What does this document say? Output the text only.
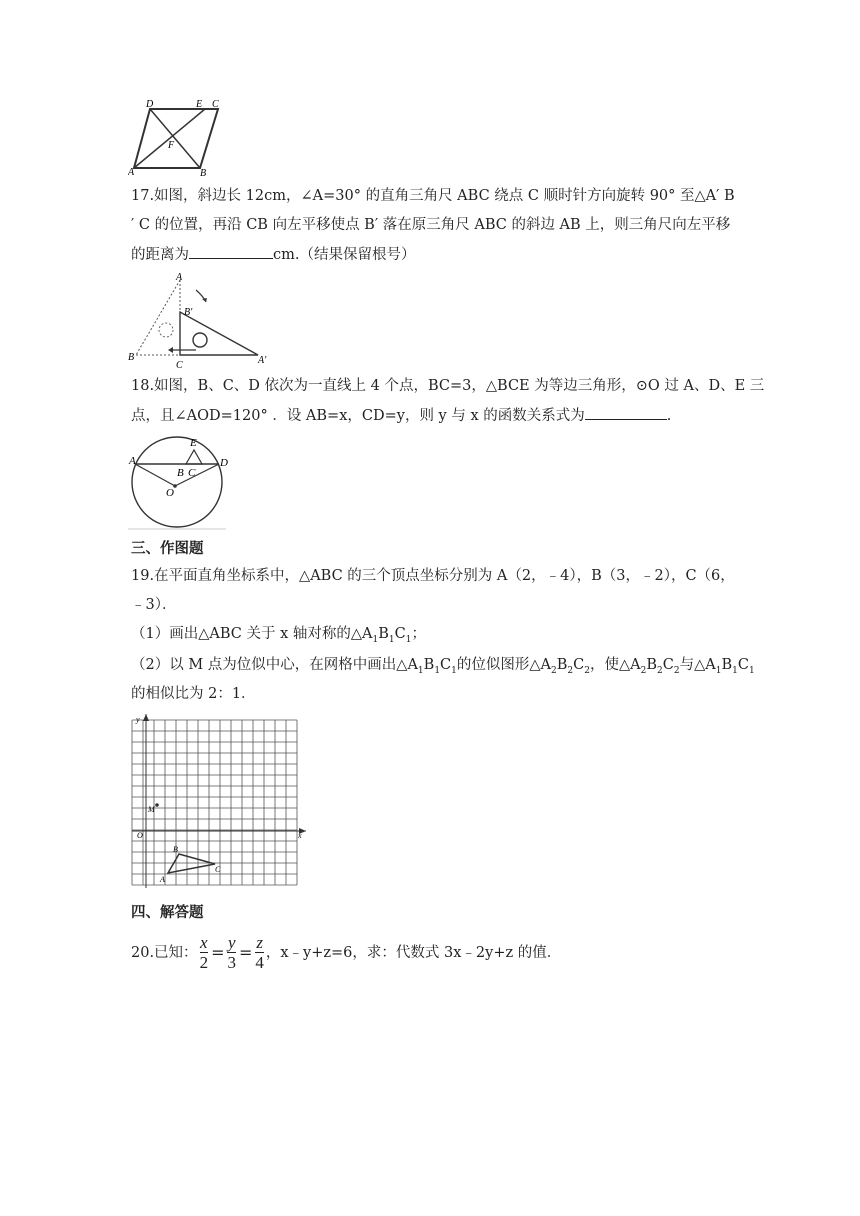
D	E C
F
A	B
17.如图，斜边长 12cm，∠A=30° 的直角三角尺 ABC 绕点 C 顺时针方向旋转 90° 至△A′ B
′ C 的位置，再沿 CB 向左平移使点 B′ 落在原三角尺 ABC 的斜边 AB 上，则三角尺向左平移
的距离为	cm.（结果保留根号）
A
B′
B
C	A′
18.如图，B、C、D 依次为一直线上 4 个点，BC=3，△BCE 为等边三角形，⊙O 过 A、D、E 三
点，且∠AOD=120° ．设 AB=x，CD=y，则 y 与 x 的函数关系式为	.
A
E
B C
D
O
三、作图题
19.在平面直角坐标系中，△ABC 的三个顶点坐标分别为 A（2，﹣4），B（3，﹣2），C（6，
﹣3）．
（1）画出△ABC 关于 x 轴对称的$\triangle A_1B_1C_1$；
（2）以 M 点为位似中心，在网格中画出$\triangle A_1B_1C_1$的位似图形$\triangle A_2B_2C_2$，使$\triangle A_2B_2C_2$与$\triangle A_1B_1C_1$
的相似比为 2：1．
y
x
O
M
A
B
C
四、解答题
20.已知： $\frac{x}{2} = \frac{y}{3} = \frac{z}{4}$ ，x﹣y+z=6，求：代数式 3x﹣2y+z 的值．
